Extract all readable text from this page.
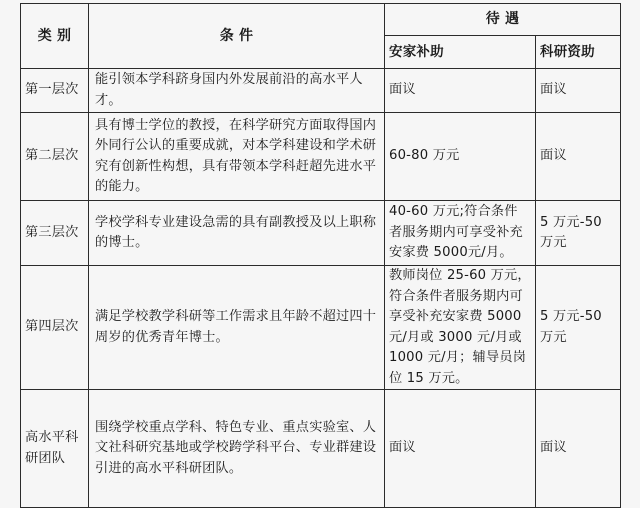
类 别	条 件	待 遇	
		安家补助	科研资助
第一层次	能引领本学科跻身国内外发展前沿的高水平人才。	面议	面议
第二层次	具有博士学位的教授，在科学研究方面取得国内外同行公认的重要成就，对本学科建设和学术研究有创新性构想，具有带领本学科赶超先进水平的能力。	60-80 万元	面议
第三层次	学校学科专业建设急需的具有副教授及以上职称的博士。	40-60 万元;符合条件者服务期内可享受补充安家费 5000元/月。	5 万元-50 万元
第四层次	满足学校教学科研等工作需求且年龄不超过四十周岁的优秀青年博士。	教师岗位 25-60 万元，符合条件者服务期内可享受补充安家费 5000元/月或 3000 元/月或1000 元/月；辅导员岗位 15 万元。	5 万元-50 万元
高水平科研团队	围绕学校重点学科、特色专业、重点实验室、人文社科研究基地或学校跨学科平台、专业群建设引进的高水平科研团队。	面议	面议
